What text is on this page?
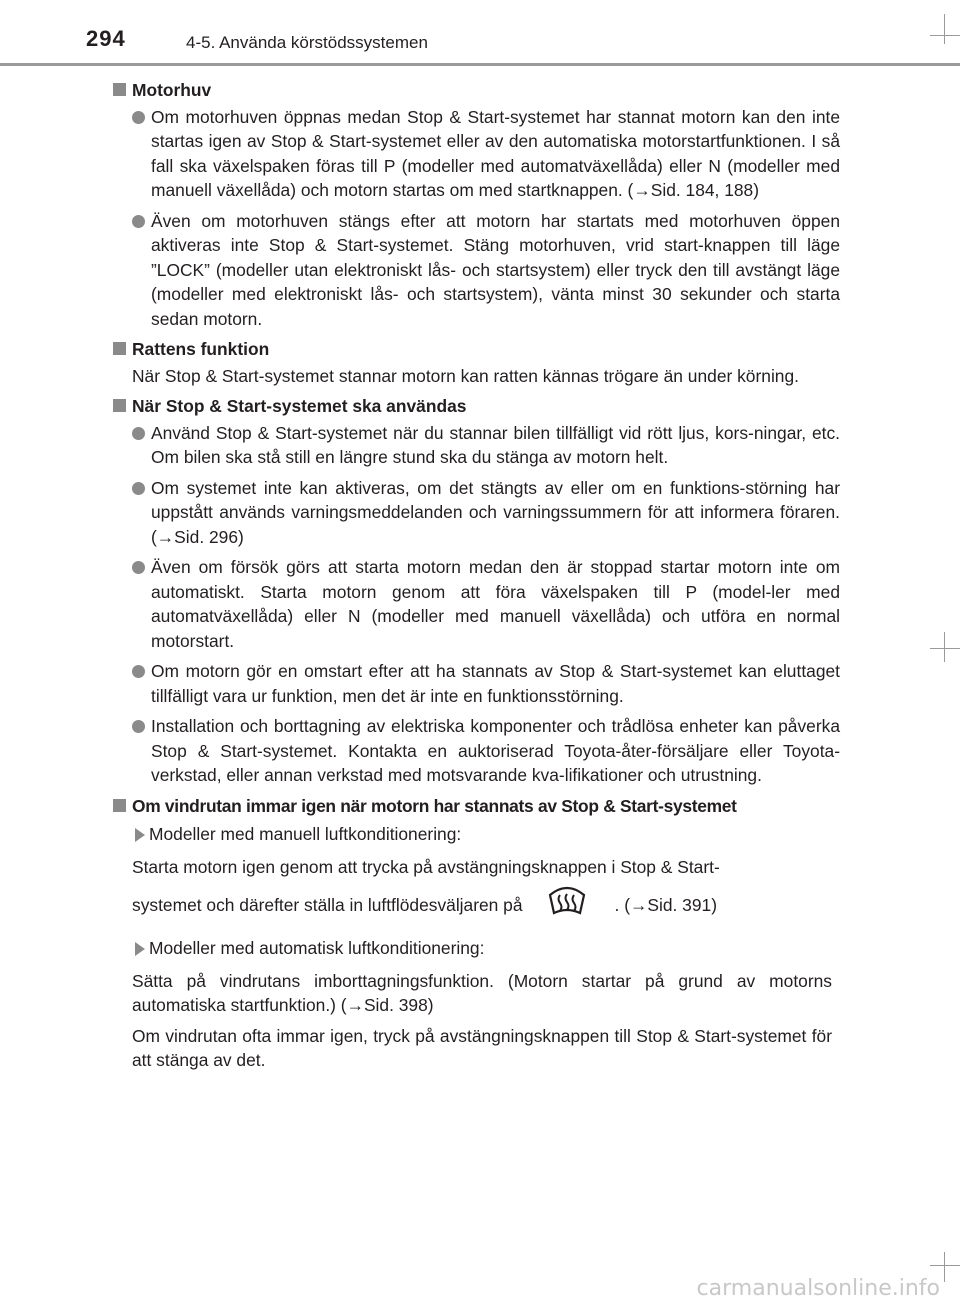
294	4-5. Använda körstödssystemen
Motorhuv
Om motorhuven öppnas medan Stop & Start-systemet har stannat motorn kan den inte startas igen av Stop & Start-systemet eller av den automatiska motorstartfunktionen. I så fall ska växelspaken föras till P (modeller med automatväxellåda) eller N (modeller med manuell växellåda) och motorn startas om med startknappen. (→Sid. 184, 188)
Även om motorhuven stängs efter att motorn har startats med motorhuven öppen aktiveras inte Stop & Start-systemet. Stäng motorhuven, vrid start-knappen till läge ”LOCK” (modeller utan elektroniskt lås- och startsystem) eller tryck den till avstängt läge (modeller med elektroniskt lås- och startsystem), vänta minst 30 sekunder och starta sedan motorn.
Rattens funktion
När Stop & Start-systemet stannar motorn kan ratten kännas trögare än under körning.
När Stop & Start-systemet ska användas
Använd Stop & Start-systemet när du stannar bilen tillfälligt vid rött ljus, kors-ningar, etc. Om bilen ska stå still en längre stund ska du stänga av motorn helt.
Om systemet inte kan aktiveras, om det stängts av eller om en funktions-störning har uppstått används varningsmeddelanden och varningssummern för att informera föraren. (→Sid. 296)
Även om försök görs att starta motorn medan den är stoppad startar motorn inte om automatiskt. Starta motorn genom att föra växelspaken till P (model-ler med automatväxellåda) eller N (modeller med manuell växellåda) och utföra en normal motorstart.
Om motorn gör en omstart efter att ha stannats av Stop & Start-systemet kan eluttaget tillfälligt vara ur funktion, men det är inte en funktionsstörning.
Installation och borttagning av elektriska komponenter och trådlösa enheter kan påverka Stop & Start-systemet. Kontakta en auktoriserad Toyota-åter-försäljare eller Toyota-verkstad, eller annan verkstad med motsvarande kva-lifikationer och utrustning.
Om vindrutan immar igen när motorn har stannats av Stop & Start-systemet
Modeller med manuell luftkonditionering:
Starta motorn igen genom att trycka på avstängningsknappen i Stop & Start-
systemet och därefter ställa in luftflödesväljaren på	. (→Sid. 391)
Modeller med automatisk luftkonditionering:
Sätta på vindrutans imborttagningsfunktion. (Motorn startar på grund av motorns automatiska startfunktion.) (→Sid. 398)
Om vindrutan ofta immar igen, tryck på avstängningsknappen till Stop & Start-systemet för att stänga av det.
carmanualsonline.info
